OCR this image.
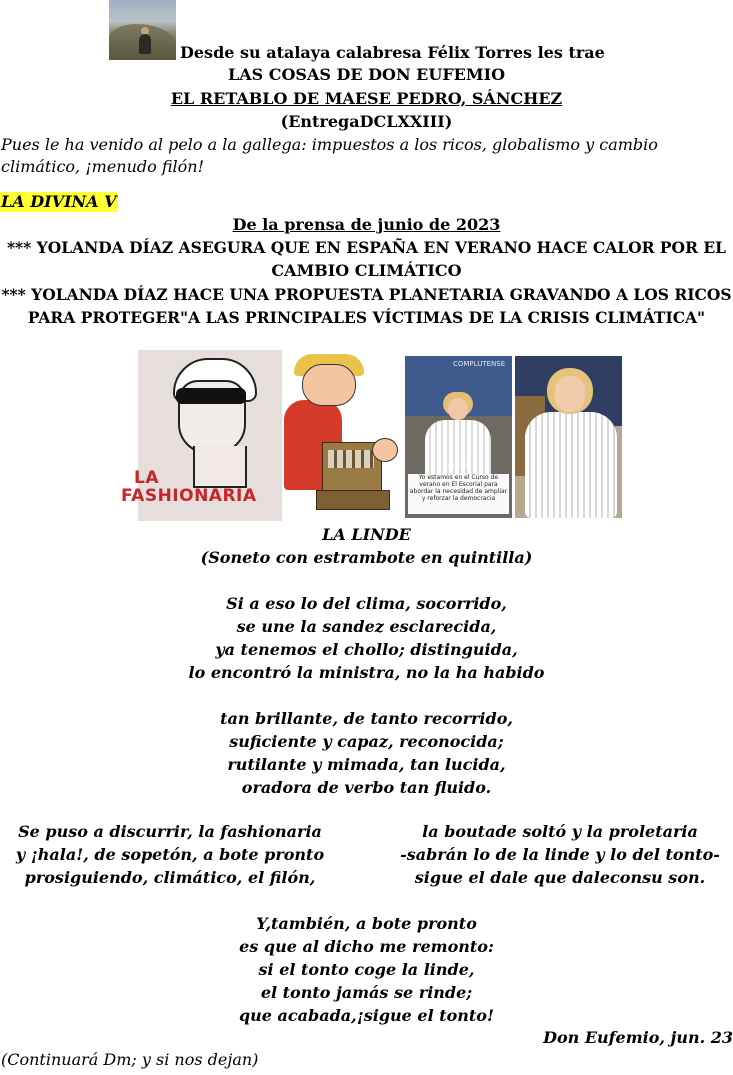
Desde su atalaya calabresa Félix Torres les trae
LAS COSAS DE DON EUFEMIO
EL RETABLO DE MAESE PEDRO, SÁNCHEZ
(EntregaDCLXXIII)
Pues le ha venido al pelo a la gallega: impuestos a los ricos, globalismo y cambio climático, ¡menudo filón!
LA DIVINA V
De la prensa de junio de 2023
*** YOLANDA DÍAZ ASEGURA QUE EN ESPAÑA EN VERANO HACE CALOR POR EL
CAMBIO CLIMÁTICO
*** YOLANDA DÍAZ HACE UNA PROPUESTA PLANETARIA GRAVANDO A LOS RICOS
PARA PROTEGER"A LAS PRINCIPALES VÍCTIMAS DE LA CRISIS CLIMÁTICA"
LA
FASHIONARIA
COMPLUTENSE
YouTube
Yo estamos en el Curso de verano en El Escorial para abordar la necesidad de ampliar y reforzar la democracia
LA LINDE
(Soneto con estrambote en quintilla)
Si a eso lo del clima, socorrido,
se une la sandez esclarecida,
ya tenemos el chollo; distinguida,
lo encontró la ministra, no la ha habido
tan brillante, de tanto recorrido,
suficiente y capaz, reconocida;
rutilante y mimada, tan lucida,
oradora de verbo tan fluido.
Se puso a discurrir, la fashionaria
y ¡hala!, de sopetón, a bote pronto
prosiguiendo, climático, el filón,
la boutade soltó y la proletaria
-sabrán lo de la linde y lo del tonto-
sigue el dale que daleconsu son.
Y,también, a bote pronto
es que al dicho me remonto:
si el tonto coge la linde,
el tonto jamás se rinde;
que acabada,¡sigue el tonto!
Don Eufemio, jun. 23
(Continuará Dm; y si nos dejan)
